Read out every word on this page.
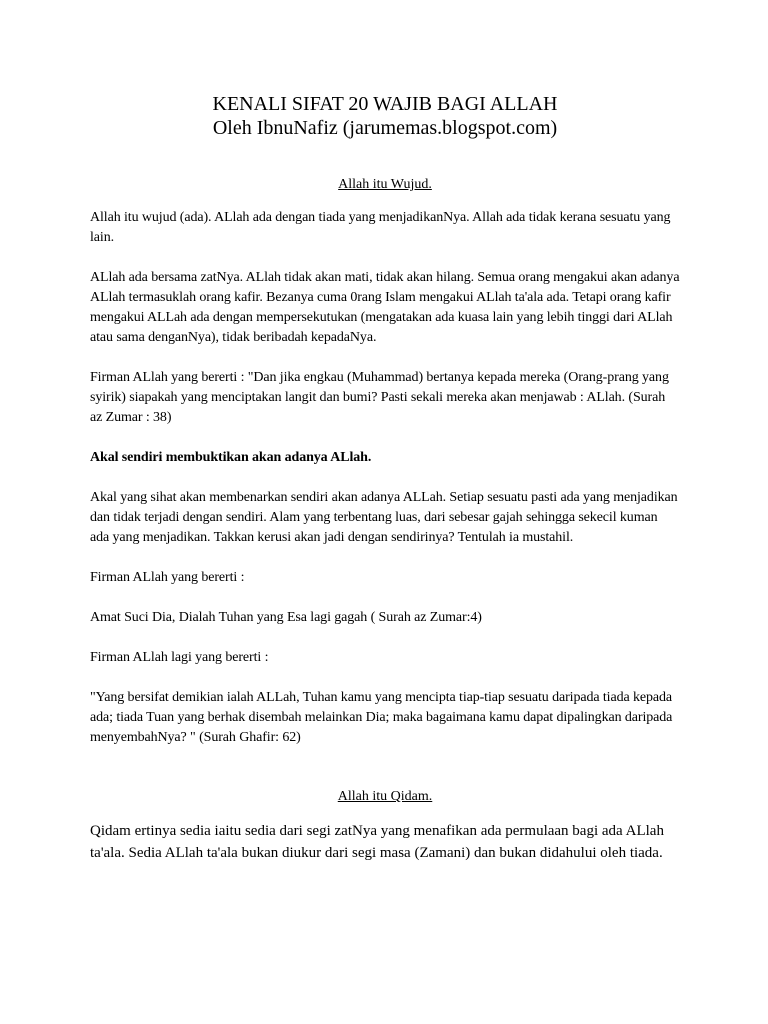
KENALI SIFAT 20 WAJIB BAGI ALLAH
Oleh IbnuNafiz (jarumemas.blogspot.com)

Allah itu Wujud.

Allah itu wujud (ada). ALlah ada dengan tiada yang menjadikanNya. Allah ada tidak kerana sesuatu yang lain.

ALlah ada bersama zatNya. ALlah tidak akan mati, tidak akan hilang. Semua orang mengakui akan adanya ALlah termasuklah orang kafir. Bezanya cuma 0rang Islam mengakui ALlah ta'ala ada. Tetapi orang kafir mengakui ALLah ada dengan mempersekutukan (mengatakan ada kuasa lain yang lebih tinggi dari ALlah atau sama denganNya), tidak beribadah kepadaNya.

Firman ALlah yang bererti : "Dan jika engkau (Muhammad) bertanya kepada mereka (Orang-prang yang syirik) siapakah yang menciptakan langit dan bumi? Pasti sekali mereka akan menjawab : ALlah. (Surah az Zumar : 38)

Akal sendiri membuktikan akan adanya ALlah.

Akal yang sihat akan membenarkan sendiri akan adanya ALLah. Setiap sesuatu pasti ada yang menjadikan dan tidak terjadi dengan sendiri. Alam yang terbentang luas, dari sebesar gajah sehingga sekecil kuman ada yang menjadikan. Takkan kerusi akan jadi dengan sendirinya? Tentulah ia mustahil.

Firman ALlah yang bererti :

Amat Suci Dia, Dialah Tuhan yang Esa lagi gagah ( Surah az Zumar:4)

Firman ALlah lagi yang bererti :

"Yang bersifat demikian ialah ALLah, Tuhan kamu yang mencipta tiap-tiap sesuatu daripada tiada kepada ada; tiada Tuan yang berhak disembah melainkan Dia; maka bagaimana kamu dapat dipalingkan daripada menyembahNya? " (Surah Ghafir: 62)

Allah itu Qidam.

Qidam ertinya sedia iaitu sedia dari segi zatNya yang menafikan ada permulaan bagi ada ALlah ta'ala. Sedia ALlah ta'ala bukan diukur dari segi masa (Zamani) dan bukan didahului oleh tiada.
